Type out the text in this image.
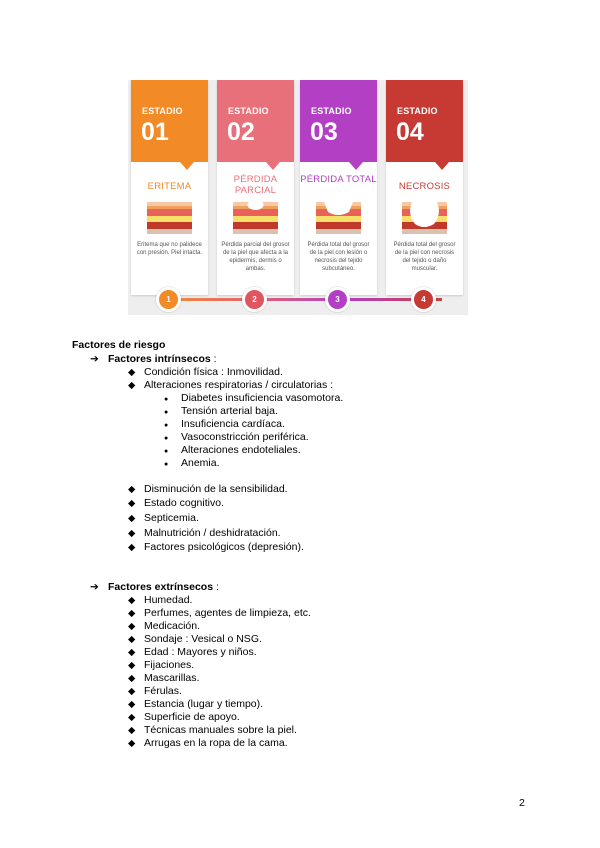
ESTADIO
01
ERITEMA
Eritema que no palidece con presión. Piel intacta.
ESTADIO
02
PÉRDIDA PARCIAL
Pérdida parcial del grosor de la piel que afecta a la epidermis, dermis o ambas.
ESTADIO
03
PÉRDIDA TOTAL
Pérdida total del grosor de la piel con lesión o necrosis del tejido subcutáneo.
ESTADIO
04
NECROSIS
Pérdida total del grosor de la piel con necrosis del tejido o daño muscular.
1	2	3	4
Factores de riesgo
➔ Factores intrínsecos :
◆ Condición física : Inmovilidad.
◆ Alteraciones respiratorias / circulatorias :
● Diabetes insuficiencia vasomotora.
● Tensión arterial baja.
● Insuficiencia cardíaca.
● Vasoconstricción periférica.
● Alteraciones endoteliales.
● Anemia.
◆ Disminución de la sensibilidad.
◆ Estado cognitivo.
◆ Septicemia.
◆ Malnutrición / deshidratación.
◆ Factores psicológicos (depresión).
➔ Factores extrínsecos :
◆ Humedad.
◆ Perfumes, agentes de limpieza, etc.
◆ Medicación.
◆ Sondaje : Vesical o NSG.
◆ Edad : Mayores y niños.
◆ Fijaciones.
◆ Mascarillas.
◆ Férulas.
◆ Estancia (lugar y tiempo).
◆ Superficie de apoyo.
◆ Técnicas manuales sobre la piel.
◆ Arrugas en la ropa de la cama.
2
